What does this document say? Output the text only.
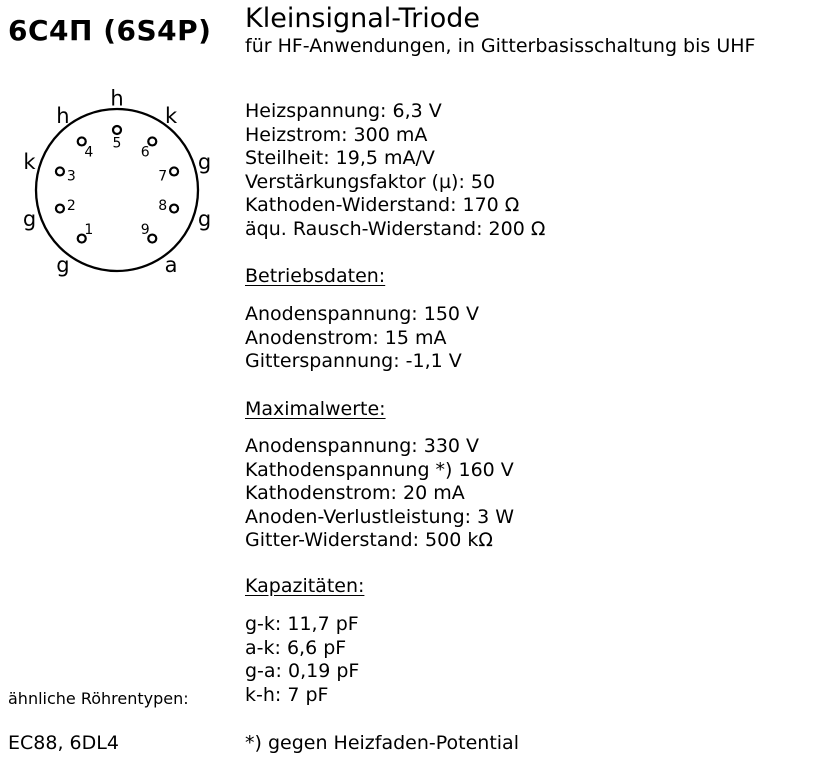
6C4П (6S4P) Kleinsignal-Triode
für HF-Anwendungen, in Gitterbasisschaltung bis UHF
1
g
2
g
3
k	4
h
5
h
6
k
7
g
8
g
9
a
Heizspannung: 6,3 V
Heizstrom: 300 mA
Steilheit: 19,5 mA/V
Verstärkungsfaktor (µ): 50
Kathoden-Widerstand: 170 Ω
äqu. Rausch-Widerstand: 200 Ω
Betriebsdaten:
Anodenspannung: 150 V
Anodenstrom: 15 mA
Gitterspannung: -1,1 V
Maximalwerte:
Anodenspannung: 330 V
Kathodenspannung *) 160 V
Kathodenstrom: 20 mA
Anoden-Verlustleistung: 3 W
Gitter-Widerstand: 500 kΩ
Kapazitäten:
g-k: 11,7 pF
a-k: 6,6 pF
g-a: 0,19 pF
k-h: 7 pF
*) gegen Heizfaden-Potential
ähnliche Röhrentypen:
EC88, 6DL4
